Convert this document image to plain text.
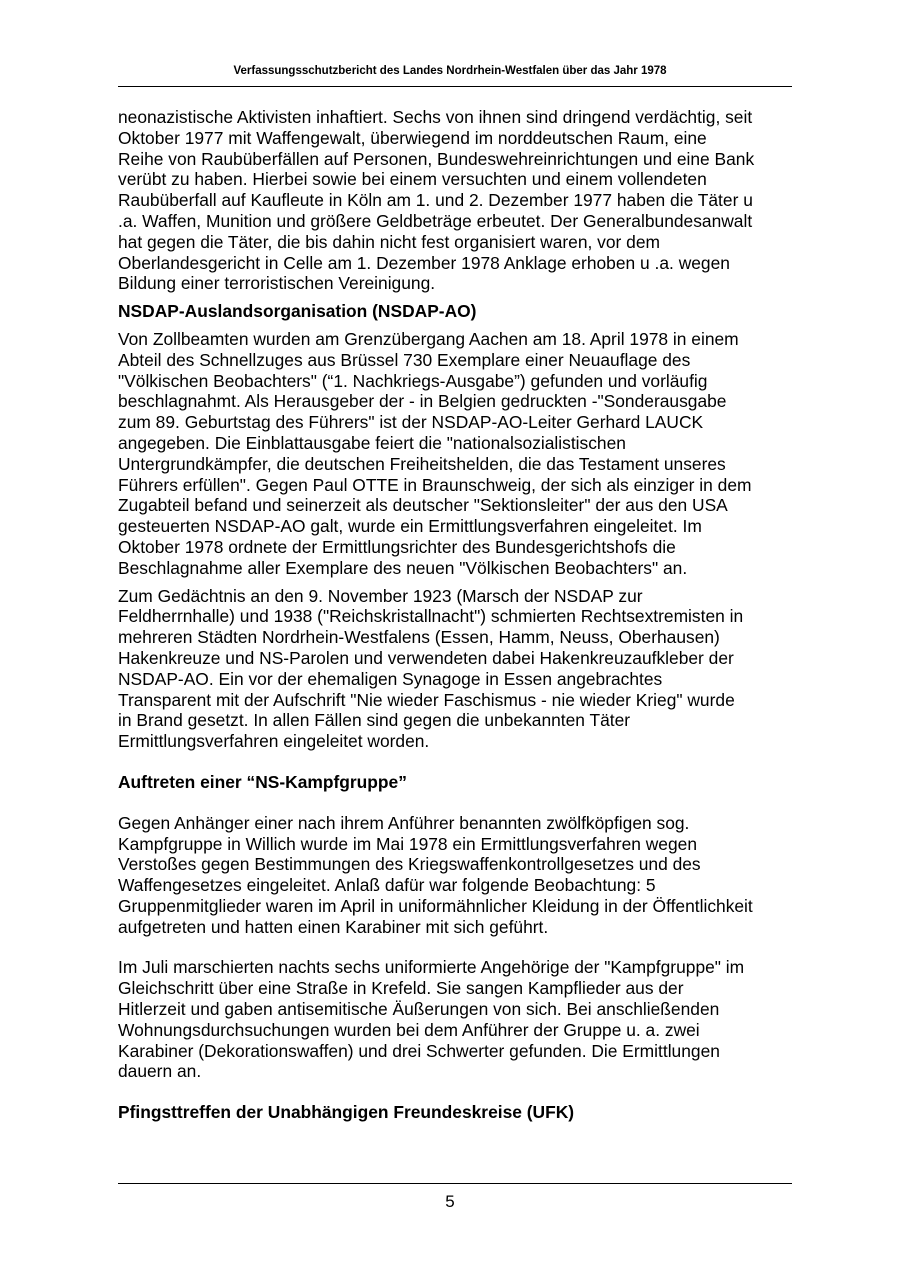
Verfassungsschutzbericht des Landes Nordrhein-Westfalen über das Jahr 1978

neonazistische Aktivisten inhaftiert. Sechs von ihnen sind dringend verdächtig, seit
Oktober 1977 mit Waffengewalt, überwiegend im norddeutschen Raum, eine
Reihe von Raubüberfällen auf Personen, Bundeswehreinrichtungen und eine Bank
verübt zu haben. Hierbei sowie bei einem versuchten und einem vollendeten
Raubüberfall auf Kaufleute in Köln am 1. und 2. Dezember 1977 haben die Täter u
.a. Waffen, Munition und größere Geldbeträge erbeutet. Der Generalbundesanwalt
hat gegen die Täter, die bis dahin nicht fest organisiert waren, vor dem
Oberlandesgericht in Celle am 1. Dezember 1978 Anklage erhoben u .a. wegen
Bildung einer terroristischen Vereinigung.

NSDAP-Auslandsorganisation (NSDAP-AO)

Von Zollbeamten wurden am Grenzübergang Aachen am 18. April 1978 in einem
Abteil des Schnellzuges aus Brüssel 730 Exemplare einer Neuauflage des
"Völkischen Beobachters" (“1. Nachkriegs-Ausgabe”) gefunden und vorläufig
beschlagnahmt. Als Herausgeber der - in Belgien gedruckten -"Sonderausgabe
zum 89. Geburtstag des Führers" ist der NSDAP-AO-Leiter Gerhard LAUCK
angegeben. Die Einblattausgabe feiert die "nationalsozialistischen
Untergrundkämpfer, die deutschen Freiheitshelden, die das Testament unseres
Führers erfüllen". Gegen Paul OTTE in Braunschweig, der sich als einziger in dem
Zugabteil befand und seinerzeit als deutscher "Sektionsleiter" der aus den USA
gesteuerten NSDAP-AO galt, wurde ein Ermittlungsverfahren eingeleitet. Im
Oktober 1978 ordnete der Ermittlungsrichter des Bundesgerichtshofs die
Beschlagnahme aller Exemplare des neuen "Völkischen Beobachters" an.

Zum Gedächtnis an den 9. November 1923 (Marsch der NSDAP zur
Feldherrnhalle) und 1938 ("Reichskristallnacht") schmierten Rechtsextremisten in
mehreren Städten Nordrhein-Westfalens (Essen, Hamm, Neuss, Oberhausen)
Hakenkreuze und NS-Parolen und verwendeten dabei Hakenkreuzaufkleber der
NSDAP-AO. Ein vor der ehemaligen Synagoge in Essen angebrachtes
Transparent mit der Aufschrift "Nie wieder Faschismus - nie wieder Krieg" wurde
in Brand gesetzt. In allen Fällen sind gegen die unbekannten Täter
Ermittlungsverfahren eingeleitet worden.

Auftreten einer “NS-Kampfgruppe”

Gegen Anhänger einer nach ihrem Anführer benannten zwölfköpfigen sog.
Kampfgruppe in Willich wurde im Mai 1978 ein Ermittlungsverfahren wegen
Verstoßes gegen Bestimmungen des Kriegswaffenkontrollgesetzes und des
Waffengesetzes eingeleitet. Anlaß dafür war folgende Beobachtung: 5
Gruppenmitglieder waren im April in uniformähnlicher Kleidung in der Öffentlichkeit
aufgetreten und hatten einen Karabiner mit sich geführt.

Im Juli marschierten nachts sechs uniformierte Angehörige der "Kampfgruppe" im
Gleichschritt über eine Straße in Krefeld. Sie sangen Kampflieder aus der
Hitlerzeit und gaben antisemitische Äußerungen von sich. Bei anschließenden
Wohnungsdurchsuchungen wurden bei dem Anführer der Gruppe u. a. zwei
Karabiner (Dekorationswaffen) und drei Schwerter gefunden. Die Ermittlungen
dauern an.

Pfingsttreffen der Unabhängigen Freundeskreise (UFK)
5
